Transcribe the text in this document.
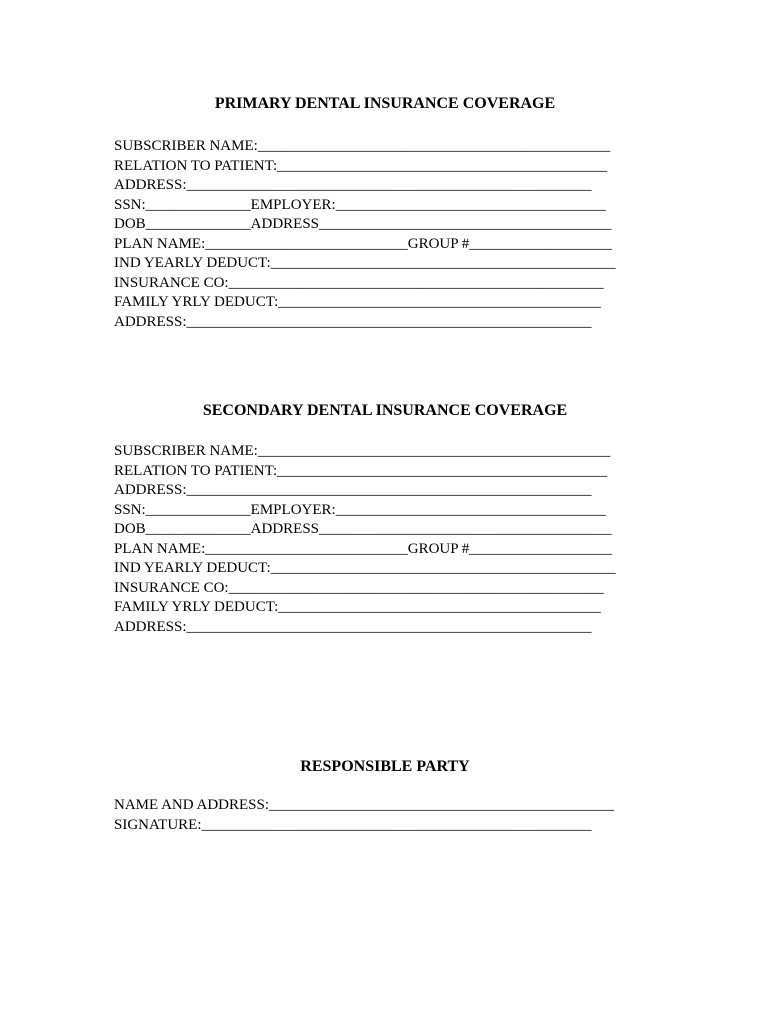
PRIMARY DENTAL INSURANCE COVERAGE
SUBSCRIBER NAME:_______________________________________________
RELATION TO PATIENT:____________________________________________
ADDRESS:______________________________________________________
SSN:______________EMPLOYER:____________________________________
DOB______________ADDRESS_______________________________________
PLAN NAME:___________________________GROUP #___________________
IND YEARLY DEDUCT:______________________________________________
INSURANCE CO:__________________________________________________
FAMILY YRLY DEDUCT:___________________________________________
ADDRESS:______________________________________________________
SECONDARY DENTAL INSURANCE COVERAGE
SUBSCRIBER NAME:_______________________________________________
RELATION TO PATIENT:____________________________________________
ADDRESS:______________________________________________________
SSN:______________EMPLOYER:____________________________________
DOB______________ADDRESS_______________________________________
PLAN NAME:___________________________GROUP #___________________
IND YEARLY DEDUCT:______________________________________________
INSURANCE CO:__________________________________________________
FAMILY YRLY DEDUCT:___________________________________________
ADDRESS:______________________________________________________
RESPONSIBLE PARTY
NAME AND ADDRESS:______________________________________________
SIGNATURE:____________________________________________________
